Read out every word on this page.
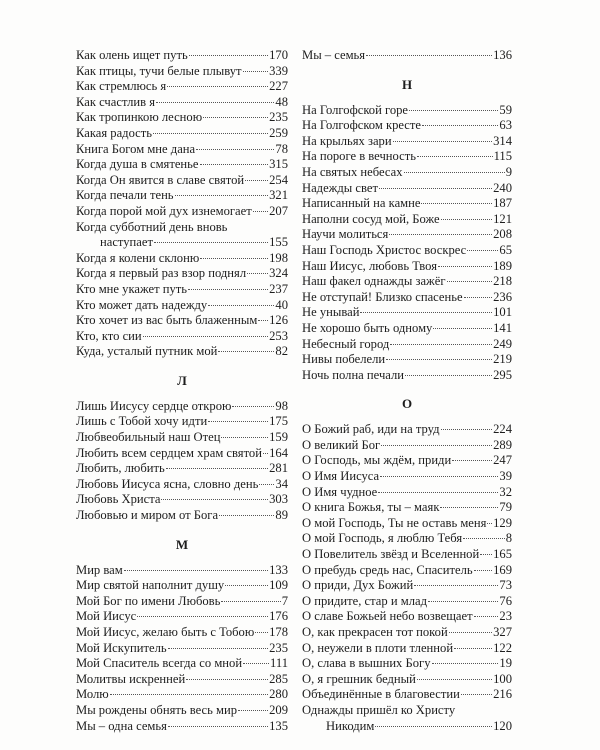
Как олень ищет путь	170
Как птицы, тучи белые плывут 339
Как стремлюсь я	227
Как счастлив я	48
Как тропинкою лесною	235
Какая радость	259
Книга Богом мне дана	78
Когда душа в смятенье	315
Когда Он явится в славе святой 254
Когда печали тень	321
Когда порой мой дух изнемогает 207
Когда субботний день вновь
наступает	155
Когда я колени склоню	198
Когда я первый раз взор поднял 324
Кто мне укажет путь	237
Кто может дать надежду	40
Кто хочет из вас быть блаженным 126
Кто, кто сии	253
Куда, усталый путник мой	82
Л
Лишь Иисусу сердце открою	98
Лишь с Тобой хочу идти	175
Любвеобильный наш Отец	159
Любить всем сердцем храм святой 164
Любить, любить	281
Любовь Иисуса ясна, словно день 34
Любовь Христа	303
Любовью и миром от Бога	89
М
Мир вам	133
Мир святой наполнит душу	109
Мой Бог по имени Любовь	7
Мой Иисус	176
Мой Иисус, желаю быть с Тобою 178
Мой Искупитель	235
Мой Спаситель всегда со мной 111
Молитвы искренней	285
Молю	280
Мы рождены обнять весь мир	209
Мы – одна семья	135
Мы – семья	136
Н
На Голгофской горе	59
На Голгофском кресте	63
На крыльях зари	314
На пороге в вечность	115
На святых небесах	9
Надежды свет	240
Написанный на камне	187
Наполни сосуд мой, Боже	121
Научи молиться	208
Наш Господь Христос воскрес	65
Наш Иисус, любовь Твоя	189
Наш факел однажды зажёг	218
Не отступай! Близко спасенье 236
Не унывай	101
Не хорошо быть одному	141
Небесный город	249
Нивы побелели	219
Ночь полна печали	295
О
О Божий раб, иди на труд	224
О великий Бог	289
О Господь, мы ждём, приди	247
О Имя Иисуса	39
О Имя чудное	32
О книга Божья, ты – маяк	79
О мой Господь, Ты не оставь меня 129
О мой Господь, я люблю Тебя	8
О Повелитель звёзд и Вселенной 165
О пребудь средь нас, Спаситель 169
О приди, Дух Божий	73
О придите, стар и млад	76
О славе Божьей небо возвещает 23
О, как прекрасен тот покой	327
О, неужели в плоти тленной	122
О, слава в вышних Богу	19
О, я грешник бедный	100
Объединённые в благовестии	216
Однажды пришёл ко Христу
Никодим	120
